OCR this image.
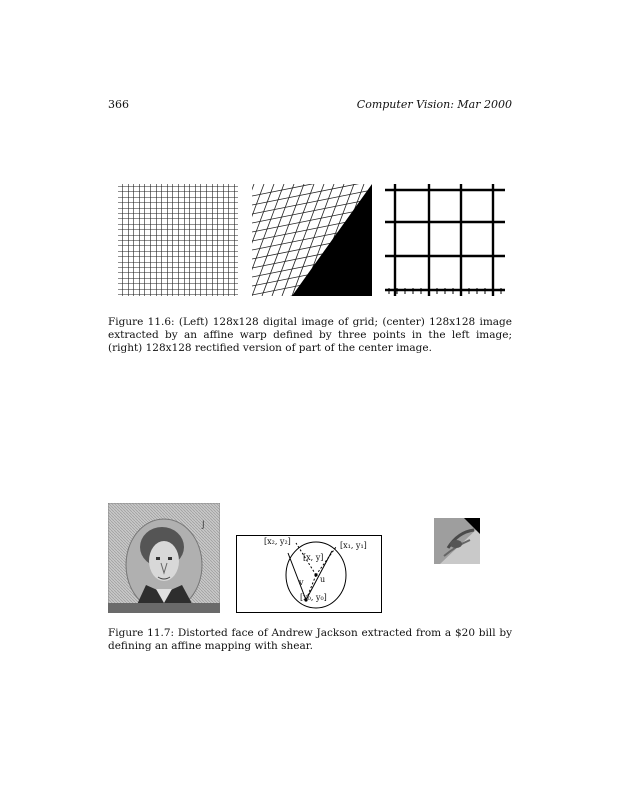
366	Computer Vision: Mar 2000
Figure 11.6: (Left) 128x128 digital image of grid; (center) 128x128 image extracted by an affine warp defined by three points in the left image; (right) 128x128 rectified version of part of the center image.
J
[x₂, y₂]	[x₁, y₁]
[x, y]
u
v
[x₀, y₀]
Figure 11.7: Distorted face of Andrew Jackson extracted from a $20 bill by defining an affine mapping with shear.
